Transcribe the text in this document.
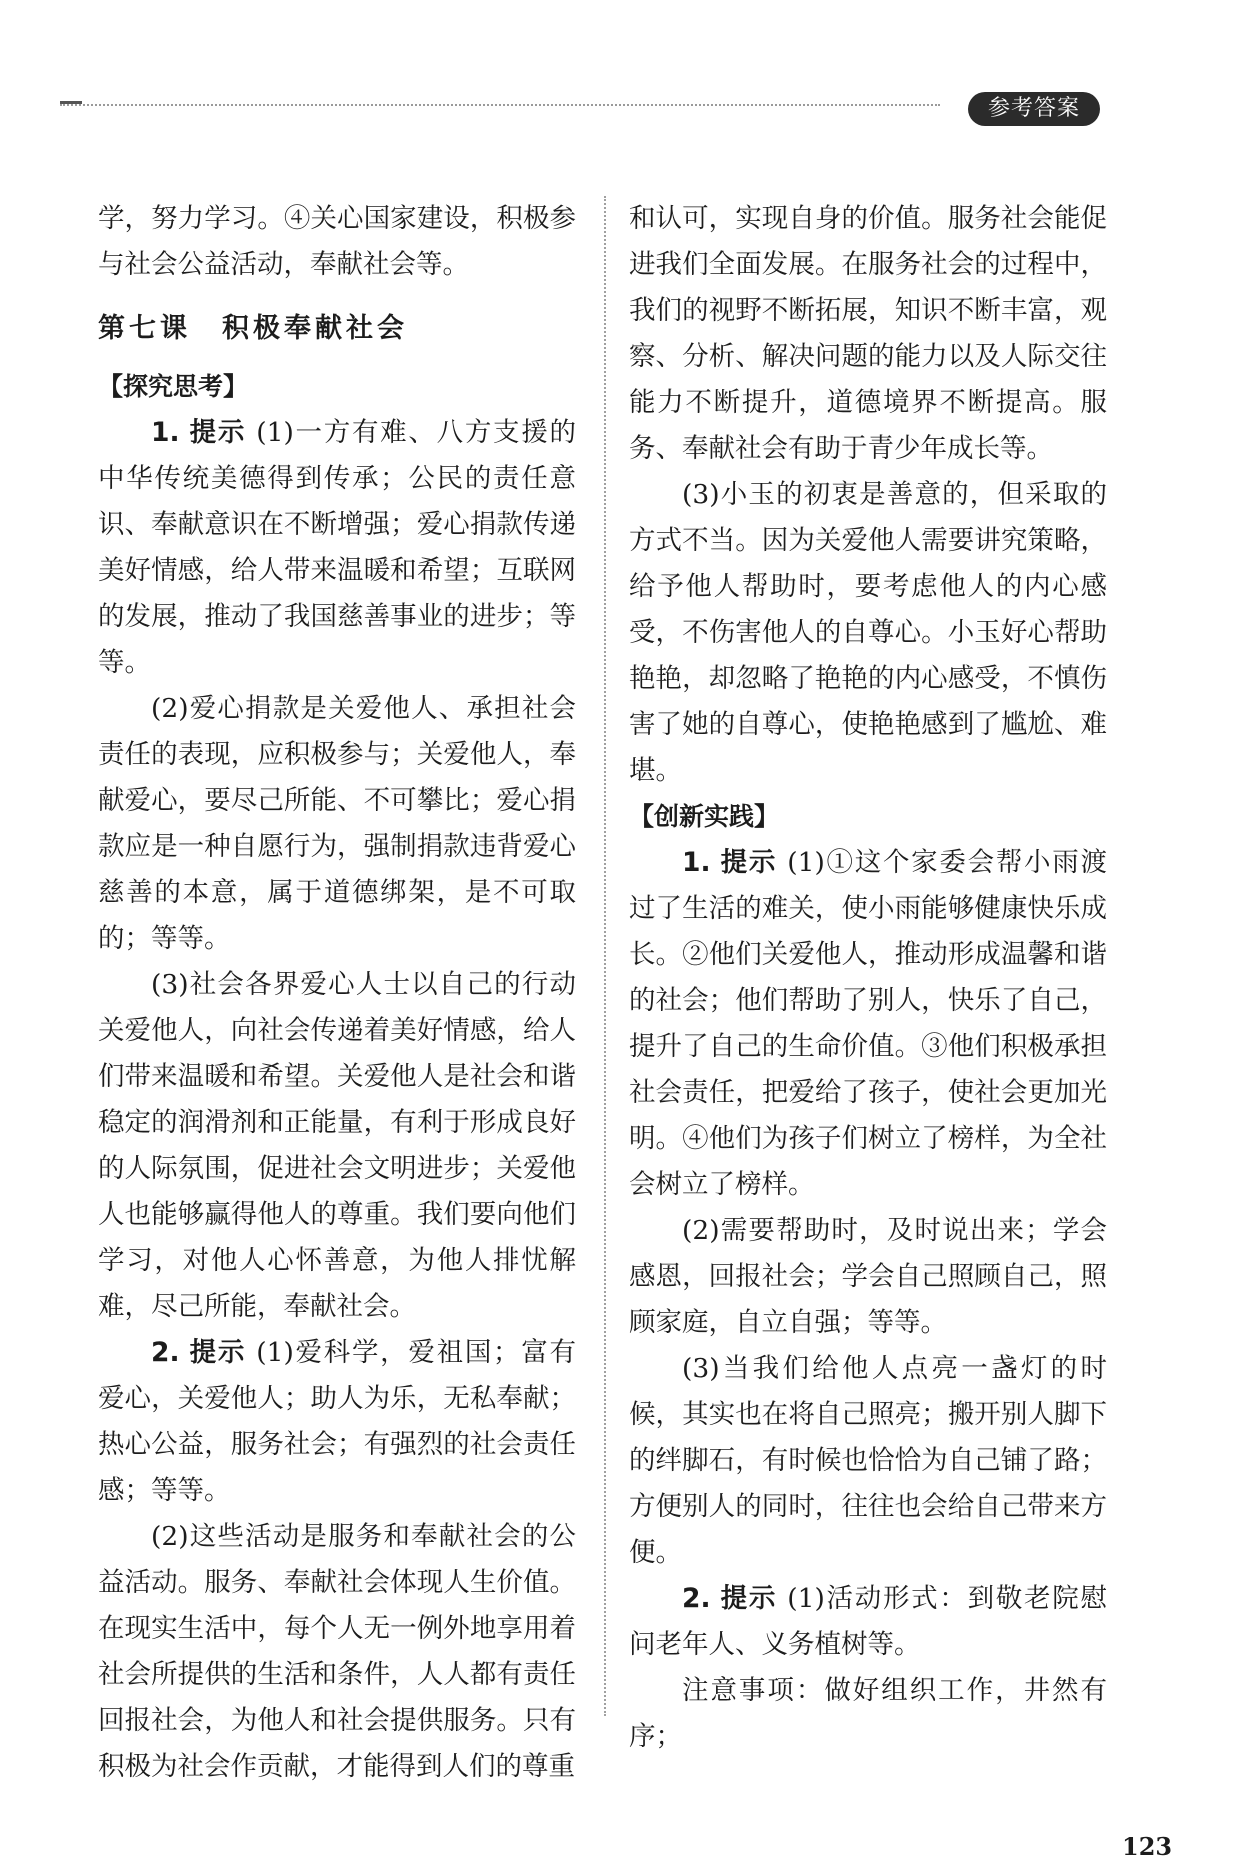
参考答案

学，努力学习。④关心国家建设，积极参与社会公益活动，奉献社会等。

第七课　积极奉献社会

【探究思考】

1. 提示 (1)一方有难、八方支援的中华传统美德得到传承；公民的责任意识、奉献意识在不断增强；爱心捐款传递美好情感，给人带来温暖和希望；互联网的发展，推动了我国慈善事业的进步；等等。

(2)爱心捐款是关爱他人、承担社会责任的表现，应积极参与；关爱他人，奉献爱心，要尽己所能、不可攀比；爱心捐款应是一种自愿行为，强制捐款违背爱心慈善的本意，属于道德绑架，是不可取的；等等。

(3)社会各界爱心人士以自己的行动关爱他人，向社会传递着美好情感，给人们带来温暖和希望。关爱他人是社会和谐稳定的润滑剂和正能量，有利于形成良好的人际氛围，促进社会文明进步；关爱他人也能够赢得他人的尊重。我们要向他们学习，对他人心怀善意，为他人排忧解难，尽己所能，奉献社会。

2. 提示 (1)爱科学，爱祖国；富有爱心，关爱他人；助人为乐，无私奉献；热心公益，服务社会；有强烈的社会责任感；等等。

(2)这些活动是服务和奉献社会的公益活动。服务、奉献社会体现人生价值。在现实生活中，每个人无一例外地享用着社会所提供的生活和条件，人人都有责任回报社会，为他人和社会提供服务。只有积极为社会作贡献，才能得到人们的尊重

和认可，实现自身的价值。服务社会能促进我们全面发展。在服务社会的过程中，我们的视野不断拓展，知识不断丰富，观察、分析、解决问题的能力以及人际交往能力不断提升，道德境界不断提高。服务、奉献社会有助于青少年成长等。

(3)小玉的初衷是善意的，但采取的方式不当。因为关爱他人需要讲究策略，给予他人帮助时，要考虑他人的内心感受，不伤害他人的自尊心。小玉好心帮助艳艳，却忽略了艳艳的内心感受，不慎伤害了她的自尊心，使艳艳感到了尴尬、难堪。

【创新实践】

1. 提示 (1)①这个家委会帮小雨渡过了生活的难关，使小雨能够健康快乐成长。②他们关爱他人，推动形成温馨和谐的社会；他们帮助了别人，快乐了自己，提升了自己的生命价值。③他们积极承担社会责任，把爱给了孩子，使社会更加光明。④他们为孩子们树立了榜样，为全社会树立了榜样。

(2)需要帮助时，及时说出来；学会感恩，回报社会；学会自己照顾自己，照顾家庭，自立自强；等等。

(3)当我们给他人点亮一盏灯的时候，其实也在将自己照亮；搬开别人脚下的绊脚石，有时候也恰恰为自己铺了路；方便别人的同时，往往也会给自己带来方便。

2. 提示 (1)活动形式：到敬老院慰问老年人、义务植树等。

注意事项：做好组织工作，井然有序；

123
